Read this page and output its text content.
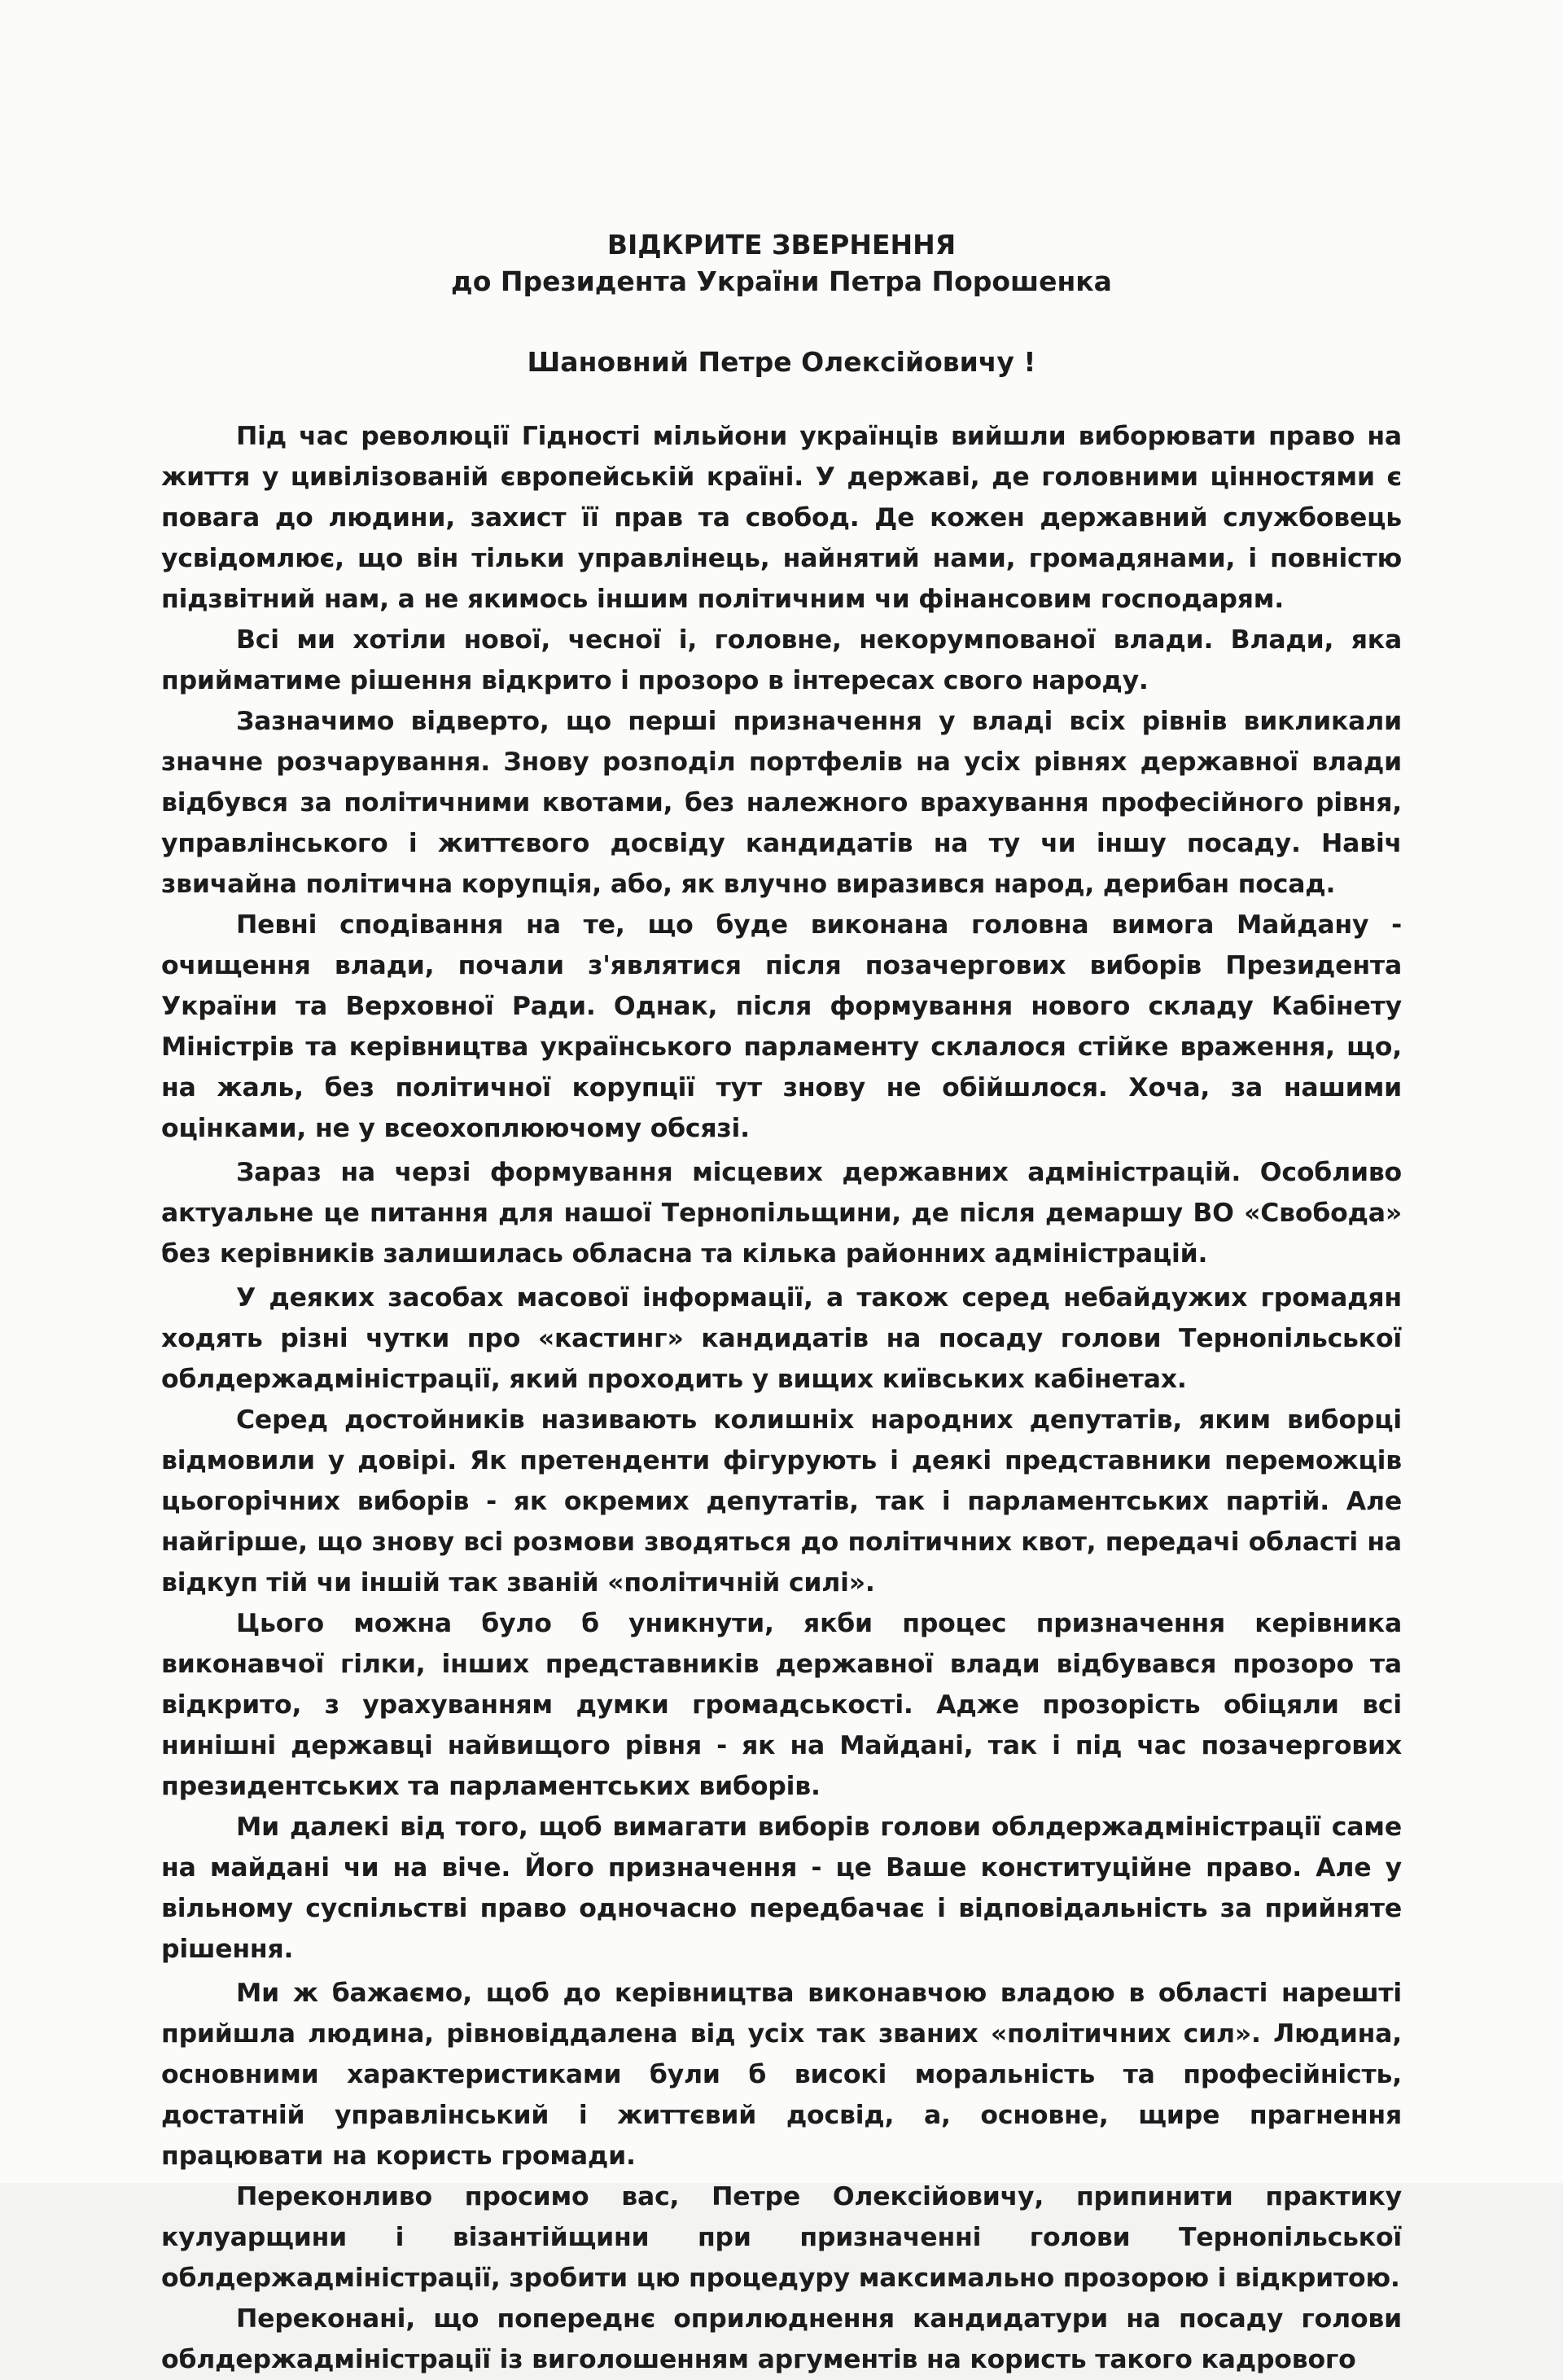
ВІДКРИТЕ ЗВЕРНЕННЯ
до Президента України Петра Порошенка
Шановний Петре Олексійовичу !

Під час революції Гідності мільйони українців вийшли виборювати право на життя у цивілізованій європейській країні. У державі, де головними цінностями є повага до людини, захист її прав та свобод. Де кожен державний службовець усвідомлює, що він тільки управлінець, найнятий нами, громадянами, і повністю підзвітний нам, а не якимось іншим політичним чи фінансовим господарям.

Всі ми хотіли нової, чесної і, головне, некорумпованої влади. Влади, яка прийматиме рішення відкрито і прозоро в інтересах свого народу.

Зазначимо відверто, що перші призначення у владі всіх рівнів викликали значне розчарування. Знову розподіл портфелів на усіх рівнях державної влади відбувся за політичними квотами, без належного врахування професійного рівня, управлінського і життєвого досвіду кандидатів на ту чи іншу посаду. Навіч звичайна політична корупція, або, як влучно виразився народ, дерибан посад.

Певні сподівання на те, що буде виконана головна вимога Майдану - очищення влади, почали з'являтися після позачергових виборів Президента України та Верховної Ради. Однак, після формування нового складу Кабінету Міністрів та керівництва українського парламенту склалося стійке враження, що, на жаль, без політичної корупції тут знову не обійшлося. Хоча, за нашими оцінками, не у всеохоплюючому обсязі.

Зараз на черзі формування місцевих державних адміністрацій. Особливо актуальне це питання для нашої Тернопільщини, де після демаршу ВО «Свобода» без керівників залишилась обласна та кілька районних адміністрацій.

У деяких засобах масової інформації, а також серед небайдужих громадян ходять різні чутки про «кастинг» кандидатів на посаду голови Тернопільської облдержадміністрації, який проходить у вищих київських кабінетах.

Серед достойників називають колишніх народних депутатів, яким виборці відмовили у довірі. Як претенденти фігурують і деякі представники переможців цьогорічних виборів - як окремих депутатів, так і парламентських партій. Але найгірше, що знову всі розмови зводяться до політичних квот, передачі області на відкуп тій чи іншій так званій «політичній силі».

Цього можна було б уникнути, якби процес призначення керівника виконавчої гілки, інших представників державної влади відбувався прозоро та відкрито, з урахуванням думки громадськості. Адже прозорість обіцяли всі нинішні державці найвищого рівня - як на Майдані, так і під час позачергових президентських та парламентських виборів.

Ми далекі від того, щоб вимагати виборів голови облдержадміністрації саме на майдані чи на віче. Його призначення - це Ваше конституційне право. Але у вільному суспільстві право одночасно передбачає і відповідальність за прийняте рішення.

Ми ж бажаємо, щоб до керівництва виконавчою владою в області нарешті прийшла людина, рівновіддалена від усіх так званих «політичних сил». Людина, основними характеристиками були б високі моральність та професійність, достатній управлінський і життєвий досвід, а, основне, щире прагнення працювати на користь громади.

Переконливо просимо вас, Петре Олексійовичу, припинити практику кулуарщини і візантійщини при призначенні голови Тернопільської облдержадміністрації, зробити цю процедуру максимально прозорою і відкритою.

Переконані, що попереднє оприлюднення кандидатури на посаду голови облдержадміністрації із виголошенням аргументів на користь такого кадрового
